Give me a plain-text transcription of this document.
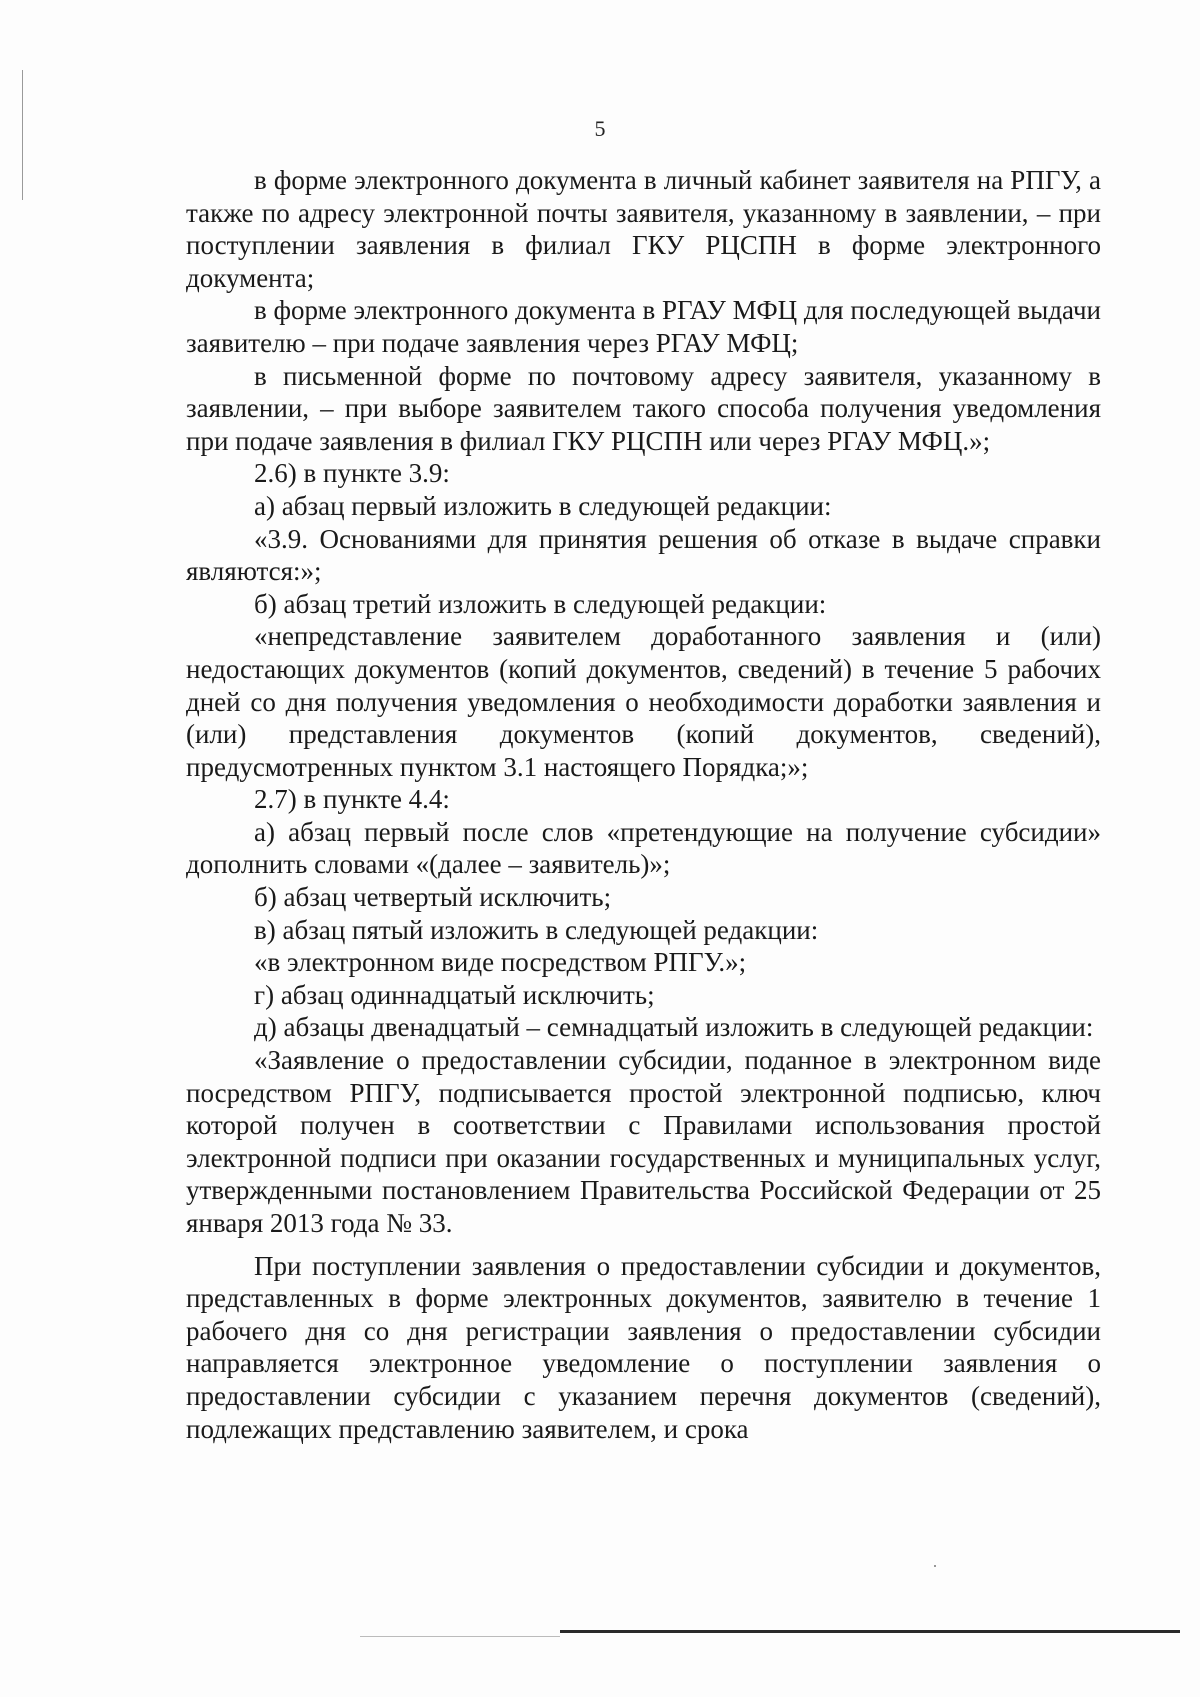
5

в форме электронного документа в личный кабинет заявителя на РПГУ, а также по адресу электронной почты заявителя, указанному в заявлении, – при поступлении заявления в филиал ГКУ РЦСПН в форме электронного документа;

в форме электронного документа в РГАУ МФЦ для последующей выдачи заявителю – при подаче заявления через РГАУ МФЦ;

в письменной форме по почтовому адресу заявителя, указанному в заявлении, – при выборе заявителем такого способа получения уведомления при подаче заявления в филиал ГКУ РЦСПН или через РГАУ МФЦ.»;

2.6) в пункте 3.9:

а) абзац первый изложить в следующей редакции:

«3.9. Основаниями для принятия решения об отказе в выдаче справки являются:»;

б) абзац третий изложить в следующей редакции:

«непредставление заявителем доработанного заявления и (или) недостающих документов (копий документов, сведений) в течение 5 рабочих дней со дня получения уведомления о необходимости доработки заявления и (или) представления документов (копий документов, сведений), предусмотренных пунктом 3.1 настоящего Порядка;»;

2.7) в пункте 4.4:

а) абзац первый после слов «претендующие на получение субсидии» дополнить словами «(далее – заявитель)»;

б) абзац четвертый исключить;

в) абзац пятый изложить в следующей редакции:

«в электронном виде посредством РПГУ.»;

г) абзац одиннадцатый исключить;

д) абзацы двенадцатый – семнадцатый изложить в следующей редакции:

«Заявление о предоставлении субсидии, поданное в электронном виде посредством РПГУ, подписывается простой электронной подписью, ключ которой получен в соответствии с Правилами использования простой электронной подписи при оказании государственных и муниципальных услуг, утвержденными постановлением Правительства Российской Федерации от 25 января 2013 года № 33.

При поступлении заявления о предоставлении субсидии и документов, представленных в форме электронных документов, заявителю в течение 1 рабочего дня со дня регистрации заявления о предоставлении субсидии направляется электронное уведомление о поступлении заявления о предоставлении субсидии с указанием перечня документов (сведений), подлежащих представлению заявителем, и срока
